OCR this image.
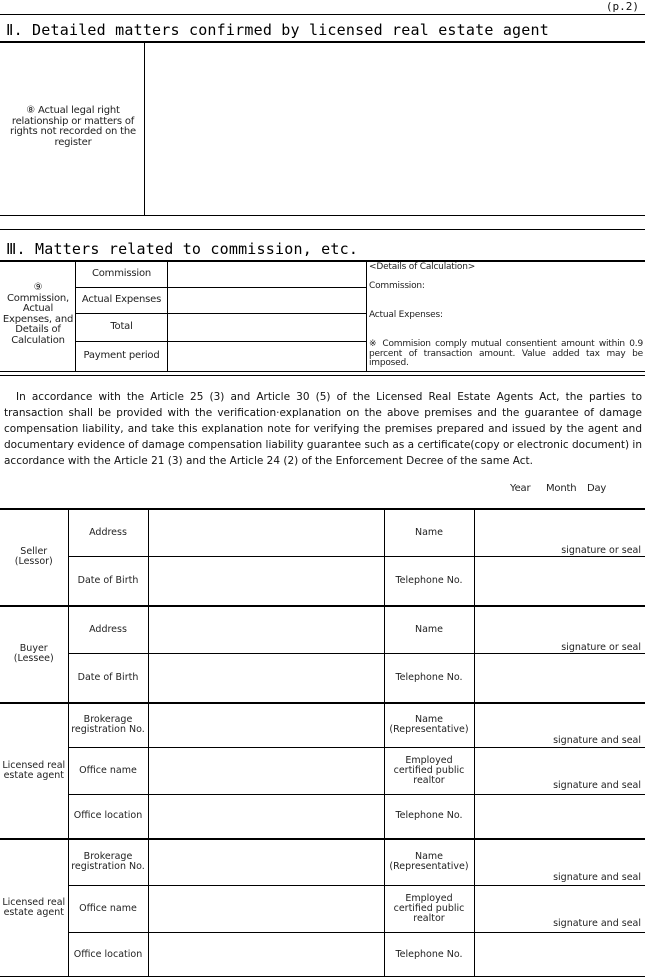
(p.2)
Ⅱ. Detailed matters confirmed by licensed real estate agent
⑧ Actual legal right relationship or matters of rights not recorded on the register
Ⅲ. Matters related to commission, etc.
⑨ Commission, Actual Expenses, and Details of Calculation
Commission
Actual Expenses
Total
Payment period
<Details of Calculation>
Commission:
Actual Expenses:
※ Commision comply mutual consentient amount within 0.9 percent of transaction amount. Value added tax may be imposed.
In accordance with the Article 25 (3) and Article 30 (5) of the Licensed Real Estate Agents Act, the parties to transaction shall be provided with the verification·explanation on the above premises and the guarantee of damage compensation liability, and take this explanation note for verifying the premises prepared and issued by the agent and documentary evidence of damage compensation liability guarantee such as a certificate(copy or electronic document) in accordance with the Article 21 (3) and the Article 24 (2) of the Enforcement Decree of the same Act.
Year Month Day
Seller (Lessor)	Address		Name	signature or seal

	Date of Birth		Telephone No.	
Buyer (Lessee)	Address		Name	signature or seal

	Date of Birth		Telephone No.	
Licensed real estate agent	Brokerage registration No.		Name (Representative)	signature and seal

	Office name		Employed certified public realtor	signature and seal

	Office location		Telephone No.	
Licensed real estate agent	Brokerage registration No.		Name (Representative)	signature and seal

	Office name		Employed certified public realtor	signature and seal

	Office location		Telephone No.	
